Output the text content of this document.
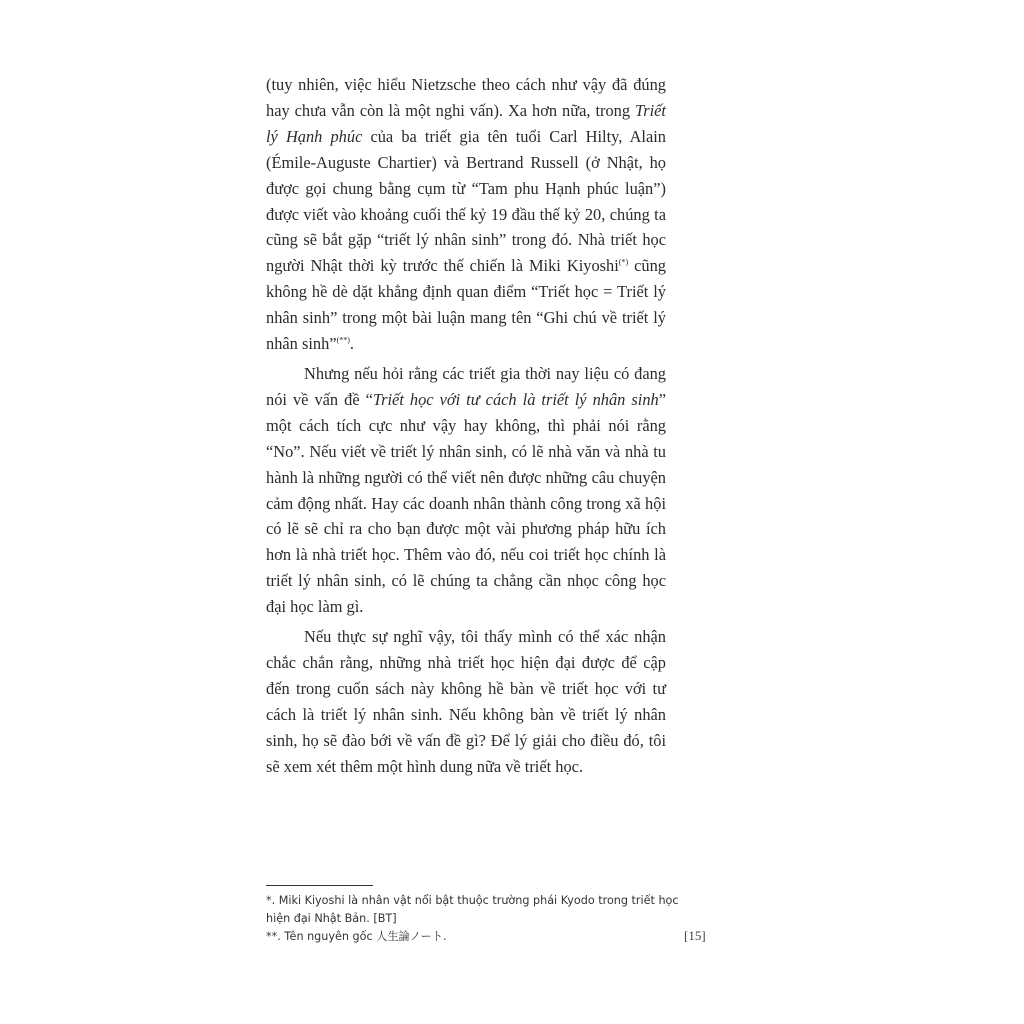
(tuy nhiên, việc hiểu Nietzsche theo cách như vậy đã đúng hay chưa vẫn còn là một nghi vấn). Xa hơn nữa, trong Triết lý Hạnh phúc của ba triết gia tên tuổi Carl Hilty, Alain (Émile-Auguste Chartier) và Bertrand Russell (ở Nhật, họ được gọi chung bằng cụm từ “Tam phu Hạnh phúc luận”) được viết vào khoảng cuối thế kỷ 19 đầu thế kỷ 20, chúng ta cũng sẽ bắt gặp “triết lý nhân sinh” trong đó. Nhà triết học người Nhật thời kỳ trước thế chiến là Miki Kiyoshi(*) cũng không hề dè dặt khẳng định quan điểm “Triết học = Triết lý nhân sinh” trong một bài luận mang tên “Ghi chú về triết lý nhân sinh”(**).

Nhưng nếu hỏi rằng các triết gia thời nay liệu có đang nói về vấn đề “Triết học với tư cách là triết lý nhân sinh” một cách tích cực như vậy hay không, thì phải nói rằng “No”. Nếu viết về triết lý nhân sinh, có lẽ nhà văn và nhà tu hành là những người có thể viết nên được những câu chuyện cảm động nhất. Hay các doanh nhân thành công trong xã hội có lẽ sẽ chỉ ra cho bạn được một vài phương pháp hữu ích hơn là nhà triết học. Thêm vào đó, nếu coi triết học chính là triết lý nhân sinh, có lẽ chúng ta chẳng cần nhọc công học đại học làm gì.

Nếu thực sự nghĩ vậy, tôi thấy mình có thể xác nhận chắc chắn rằng, những nhà triết học hiện đại được để cập đến trong cuốn sách này không hề bàn về triết học với tư cách là triết lý nhân sinh. Nếu không bàn về triết lý nhân sinh, họ sẽ đào bới về vấn đề gì? Để lý giải cho điều đó, tôi sẽ xem xét thêm một hình dung nữa về triết học.

*. Miki Kiyoshi là nhân vật nổi bật thuộc trường phái Kyodo trong triết học hiện đại Nhật Bản. [BT]

**. Tên nguyên gốc 人生論ノート.	[15]
